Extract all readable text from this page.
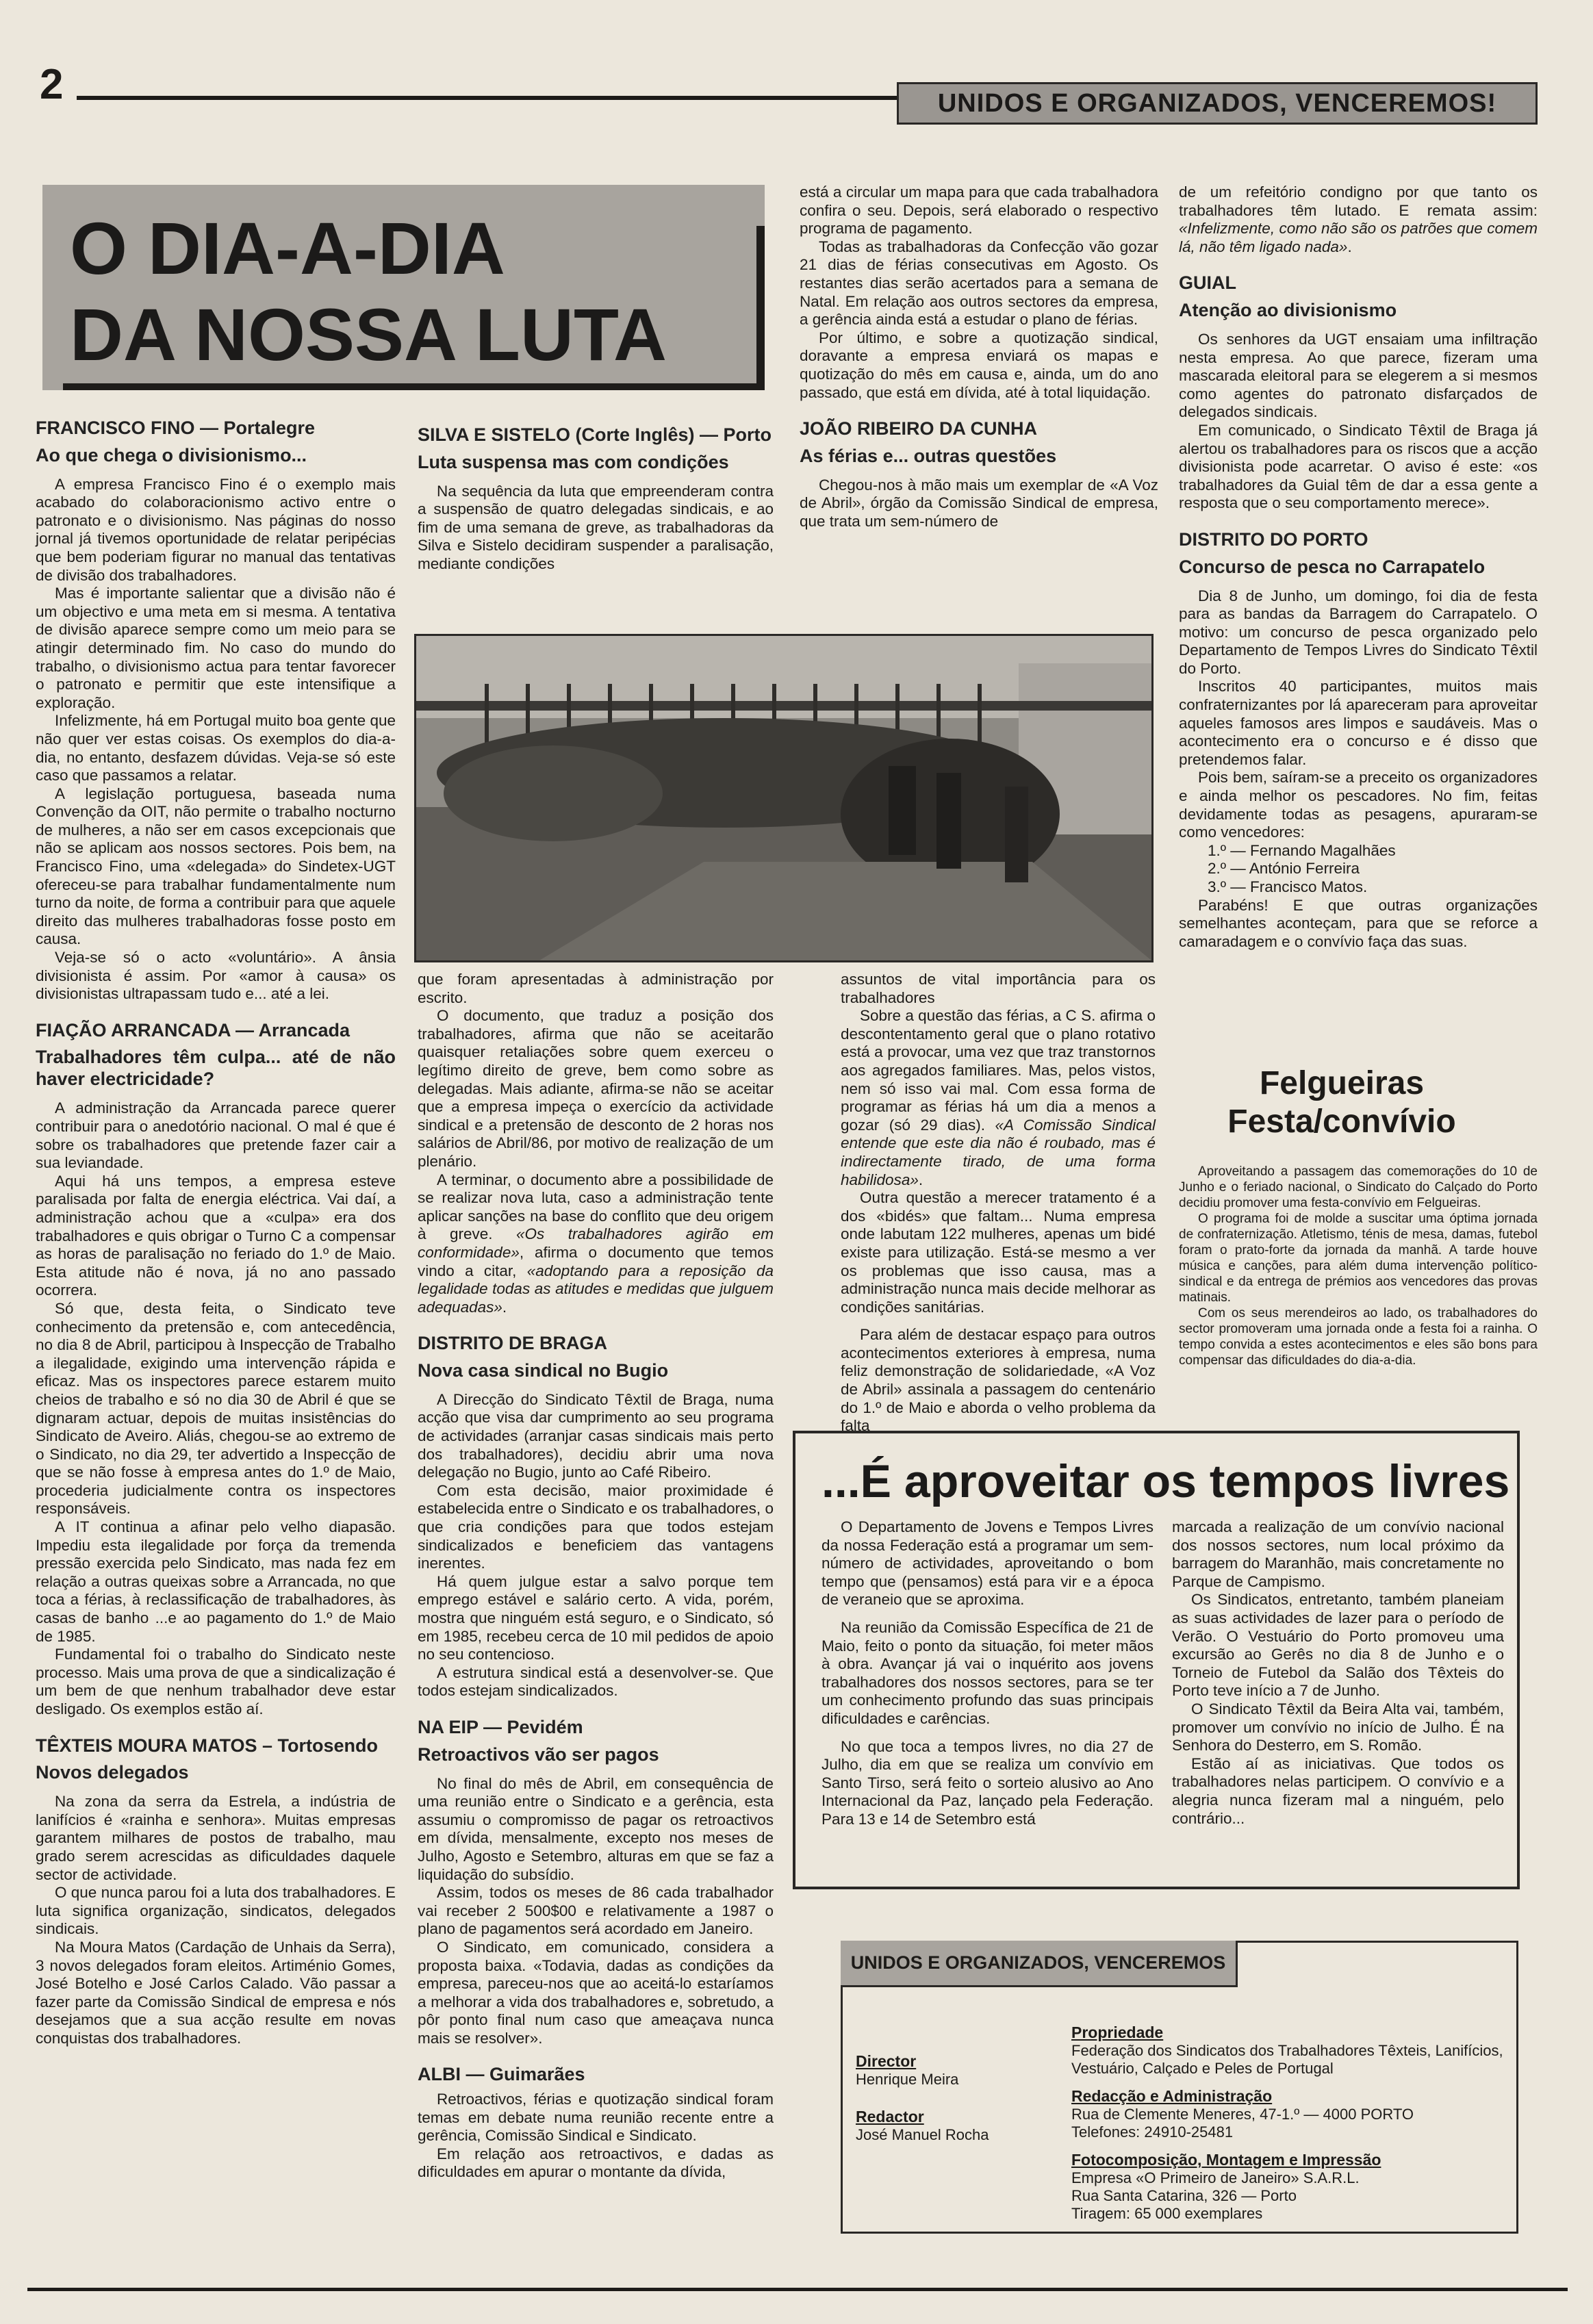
2	UNIDOS E ORGANIZADOS, VENCEREMOS!
O DIA-A-DIA
DA NOSSA LUTA
FRANCISCO FINO — Portalegre
Ao que chega o divisionismo...

A empresa Francisco Fino é o exemplo mais acabado do colaboracionismo activo entre o patronato e o divisionismo. Nas páginas do nosso jornal já tivemos oportunidade de relatar peripécias que bem poderiam figurar no manual das tentativas de divisão dos trabalhadores.

Mas é importante salientar que a divisão não é um objectivo e uma meta em si mesma. A tentativa de divisão aparece sempre como um meio para se atingir determinado fim. No caso do mundo do trabalho, o divisionismo actua para tentar favorecer o patronato e permitir que este intensifique a exploração.

Infelizmente, há em Portugal muito boa gente que não quer ver estas coisas. Os exemplos do dia-a-dia, no entanto, desfazem dúvidas. Veja-se só este caso que passamos a relatar.

A legislação portuguesa, baseada numa Convenção da OIT, não permite o trabalho nocturno de mulheres, a não ser em casos excepcionais que não se aplicam aos nossos sectores. Pois bem, na Francisco Fino, uma «delegada» do Sindetex-UGT ofereceu-se para trabalhar fundamentalmente num turno da noite, de forma a contribuir para que aquele direito das mulheres trabalhadoras fosse posto em causa.

Veja-se só o acto «voluntário». A ânsia divisionista é assim. Por «amor à causa» os divisionistas ultrapassam tudo e... até a lei.

FIAÇÃO ARRANCADA — Arrancada
Trabalhadores têm culpa... até de não haver electricidade?

A administração da Arrancada parece querer contribuir para o anedotório nacional. O mal é que é sobre os trabalhadores que pretende fazer cair a sua leviandade.

Aqui há uns tempos, a empresa esteve paralisada por falta de energia eléctrica. Vai daí, a administração achou que a «culpa» era dos trabalhadores e quis obrigar o Turno C a compensar as horas de paralisação no feriado do 1.º de Maio. Esta atitude não é nova, já no ano passado ocorrera.

Só que, desta feita, o Sindicato teve conhecimento da pretensão e, com antecedência, no dia 8 de Abril, participou à Inspecção de Trabalho a ilegalidade, exigindo uma intervenção rápida e eficaz. Mas os inspectores parece estarem muito cheios de trabalho e só no dia 30 de Abril é que se dignaram actuar, depois de muitas insistências do Sindicato de Aveiro. Aliás, chegou-se ao extremo de o Sindicato, no dia 29, ter advertido a Inspecção de que se não fosse à empresa antes do 1.º de Maio, procederia judicialmente contra os inspectores responsáveis.

A IT continua a afinar pelo velho diapasão. Impediu esta ilegalidade por força da tremenda pressão exercida pelo Sindicato, mas nada fez em relação a outras queixas sobre a Arrancada, no que toca a férias, à reclassificação de trabalhadores, às casas de banho ...e ao pagamento do 1.º de Maio de 1985.

Fundamental foi o trabalho do Sindicato neste processo. Mais uma prova de que a sindicalização é um bem de que nenhum trabalhador deve estar desligado. Os exemplos estão aí.

TÊXTEIS MOURA MATOS – Tortosendo
Novos delegados

Na zona da serra da Estrela, a indústria de lanifícios é «rainha e senhora». Muitas empresas garantem milhares de postos de trabalho, mau grado serem acrescidas as dificuldades daquele sector de actividade.

O que nunca parou foi a luta dos trabalhadores. E luta significa organização, sindicatos, delegados sindicais.

Na Moura Matos (Cardação de Unhais da Serra), 3 novos delegados foram eleitos. Artiménio Gomes, José Botelho e José Carlos Calado. Vão passar a fazer parte da Comissão Sindical de empresa e nós desejamos que a sua acção resulte em novas conquistas dos trabalhadores.

SILVA E SISTELO (Corte Inglês) — Porto
Luta suspensa mas com condições

Na sequência da luta que empreenderam contra a suspensão de quatro delegadas sindicais, e ao fim de uma semana de greve, as trabalhadoras da Silva e Sistelo decidiram suspender a paralisação, mediante condições

que foram apresentadas à administração por escrito.

O documento, que traduz a posição dos trabalhadores, afirma que não se aceitarão quaisquer retaliações sobre quem exerceu o legítimo direito de greve, bem como sobre as delegadas. Mais adiante, afirma-se não se aceitar que a empresa impeça o exercício da actividade sindical e a pretensão de desconto de 2 horas nos salários de Abril/86, por motivo de realização de um plenário.

A terminar, o documento abre a possibilidade de se realizar nova luta, caso a administração tente aplicar sanções na base do conflito que deu origem à greve. «Os trabalhadores agirão em conformidade», afirma o documento que temos vindo a citar, «adoptando para a reposição da legalidade todas as atitudes e medidas que julguem adequadas».

DISTRITO DE BRAGA
Nova casa sindical no Bugio

A Direcção do Sindicato Têxtil de Braga, numa acção que visa dar cumprimento ao seu programa de actividades (arranjar casas sindicais mais perto dos trabalhadores), decidiu abrir uma nova delegação no Bugio, junto ao Café Ribeiro.

Com esta decisão, maior proximidade é estabelecida entre o Sindicato e os trabalhadores, o que cria condições para que todos estejam sindicalizados e beneficiem das vantagens inerentes.

Há quem julgue estar a salvo porque tem emprego estável e salário certo. A vida, porém, mostra que ninguém está seguro, e o Sindicato, só em 1985, recebeu cerca de 10 mil pedidos de apoio no seu contencioso.

A estrutura sindical está a desenvolver-se. Que todos estejam sindicalizados.

NA EIP — Pevidém
Retroactivos vão ser pagos

No final do mês de Abril, em consequência de uma reunião entre o Sindicato e a gerência, esta assumiu o compromisso de pagar os retroactivos em dívida, mensalmente, excepto nos meses de Julho, Agosto e Setembro, alturas em que se faz a liquidação do subsídio.

Assim, todos os meses de 86 cada trabalhador vai receber 2 500$00 e relativamente a 1987 o plano de pagamentos será acordado em Janeiro.

O Sindicato, em comunicado, considera a proposta baixa. «Todavia, dadas as condições da empresa, pareceu-nos que ao aceitá-lo estaríamos a melhorar a vida dos trabalhadores e, sobretudo, a pôr ponto final num caso que ameaçava nunca mais se resolver».

ALBI — Guimarães

Retroactivos, férias e quotização sindical foram temas em debate numa reunião recente entre a gerência, Comissão Sindical e Sindicato.

Em relação aos retroactivos, e dadas as dificuldades em apurar o montante da dívida,

está a circular um mapa para que cada trabalhadora confira o seu. Depois, será elaborado o respectivo programa de pagamento.

Todas as trabalhadoras da Confecção vão gozar 21 dias de férias consecutivas em Agosto. Os restantes dias serão acertados para a semana de Natal. Em relação aos outros sectores da empresa, a gerência ainda está a estudar o plano de férias.

Por último, e sobre a quotização sindical, doravante a empresa enviará os mapas e quotização do mês em causa e, ainda, um do ano passado, que está em dívida, até à total liquidação.

JOÃO RIBEIRO DA CUNHA
As férias e... outras questões

Chegou-nos à mão mais um exemplar de «A Voz de Abril», órgão da Comissão Sindical de empresa, que trata um sem-número de

assuntos de vital importância para os trabalhadores

Sobre a questão das férias, a C S. afirma o descontentamento geral que o plano rotativo está a provocar, uma vez que traz transtornos aos agregados familiares. Mas, pelos vistos, nem só isso vai mal. Com essa forma de programar as férias há um dia a menos a gozar (só 29 dias). «A Comissão Sindical entende que este dia não é roubado, mas é indirectamente tirado, de uma forma habilidosa».

Outra questão a merecer tratamento é a dos «bidés» que faltam... Numa empresa onde labutam 122 mulheres, apenas um bidé existe para utilização. Está-se mesmo a ver os problemas que isso causa, mas a administração nunca mais decide melhorar as condições sanitárias.

Para além de destacar espaço para outros acontecimentos exteriores à empresa, numa feliz demonstração de solidariedade, «A Voz de Abril» assinala a passagem do centenário do 1.º de Maio e aborda o velho problema da falta

de um refeitório condigno por que tanto os trabalhadores têm lutado. E remata assim: «Infelizmente, como não são os patrões que comem lá, não têm ligado nada».

GUIAL
Atenção ao divisionismo

Os senhores da UGT ensaiam uma infiltração nesta empresa. Ao que parece, fizeram uma mascarada eleitoral para se elegerem a si mesmos como agentes do patronato disfarçados de delegados sindicais.

Em comunicado, o Sindicato Têxtil de Braga já alertou os trabalhadores para os riscos que a acção divisionista pode acarretar. O aviso é este: «os trabalhadores da Guial têm de dar a essa gente a resposta que o seu comportamento merece».

DISTRITO DO PORTO
Concurso de pesca no Carrapatelo

Dia 8 de Junho, um domingo, foi dia de festa para as bandas da Barragem do Carrapatelo. O motivo: um concurso de pesca organizado pelo Departamento de Tempos Livres do Sindicato Têxtil do Porto.

Inscritos 40 participantes, muitos mais confraternizantes por lá apareceram para aproveitar aqueles famosos ares limpos e saudáveis. Mas o acontecimento era o concurso e é disso que pretendemos falar.

Pois bem, saíram-se a preceito os organizadores e ainda melhor os pescadores. No fim, feitas devidamente todas as pesagens, apuraram-se como vencedores:

1.º — Fernando Magalhães
2.º — António Ferreira
3.º — Francisco Matos.

Parabéns! E que outras organizações semelhantes aconteçam, para que se reforce a camaradagem e o convívio faça das suas.

Felgueiras
Festa/convívio

Aproveitando a passagem das comemorações do 10 de Junho e o feriado nacional, o Sindicato do Calçado do Porto decidiu promover uma festa-convívio em Felgueiras.

O programa foi de molde a suscitar uma óptima jornada de confraternização. Atletismo, ténis de mesa, damas, futebol foram o prato-forte da jornada da manhã. A tarde houve música e canções, para além duma intervenção político-sindical e da entrega de prémios aos vencedores das provas matinais.

Com os seus merendeiros ao lado, os trabalhadores do sector promoveram uma jornada onde a festa foi a rainha. O tempo convida a estes acontecimentos e eles são bons para compensar das dificuldades do dia-a-dia.

...É aproveitar os tempos livres

O Departamento de Jovens e Tempos Livres da nossa Federação está a programar um sem-número de actividades, aproveitando o bom tempo que (pensamos) está para vir e a época de veraneio que se aproxima.

Na reunião da Comissão Específica de 21 de Maio, feito o ponto da situação, foi meter mãos à obra. Avançar já vai o inquérito aos jovens trabalhadores dos nossos sectores, para se ter um conhecimento profundo das suas principais dificuldades e carências.

No que toca a tempos livres, no dia 27 de Julho, dia em que se realiza um convívio em Santo Tirso, será feito o sorteio alusivo ao Ano Internacional da Paz, lançado pela Federação. Para 13 e 14 de Setembro está

marcada a realização de um convívio nacional dos nossos sectores, num local próximo da barragem do Maranhão, mais concretamente no Parque de Campismo.

Os Sindicatos, entretanto, também planeiam as suas actividades de lazer para o período de Verão. O Vestuário do Porto promoveu uma excursão ao Gerês no dia 8 de Junho e o Torneio de Futebol da Salão dos Têxteis do Porto teve início a 7 de Junho.

O Sindicato Têxtil da Beira Alta vai, também, promover um convívio no início de Julho. É na Senhora do Desterro, em S. Romão.

Estão aí as iniciativas. Que todos os trabalhadores nelas participem. O convívio e a alegria nunca fizeram mal a ninguém, pelo contrário...

UNIDOS E ORGANIZADOS, VENCEREMOS
Director
Henrique Meira
Redactor
José Manuel Rocha
Propriedade
Federação dos Sindicatos dos Trabalhadores Têxteis, Lanifícios, Vestuário, Calçado e Peles de Portugal
Redacção e Administração
Rua de Clemente Meneres, 47-1.º — 4000 PORTO
Telefones: 24910-25481
Fotocomposição, Montagem e Impressão
Empresa «O Primeiro de Janeiro» S.A.R.L.
Rua Santa Catarina, 326 — Porto
Tiragem: 65 000 exemplares
